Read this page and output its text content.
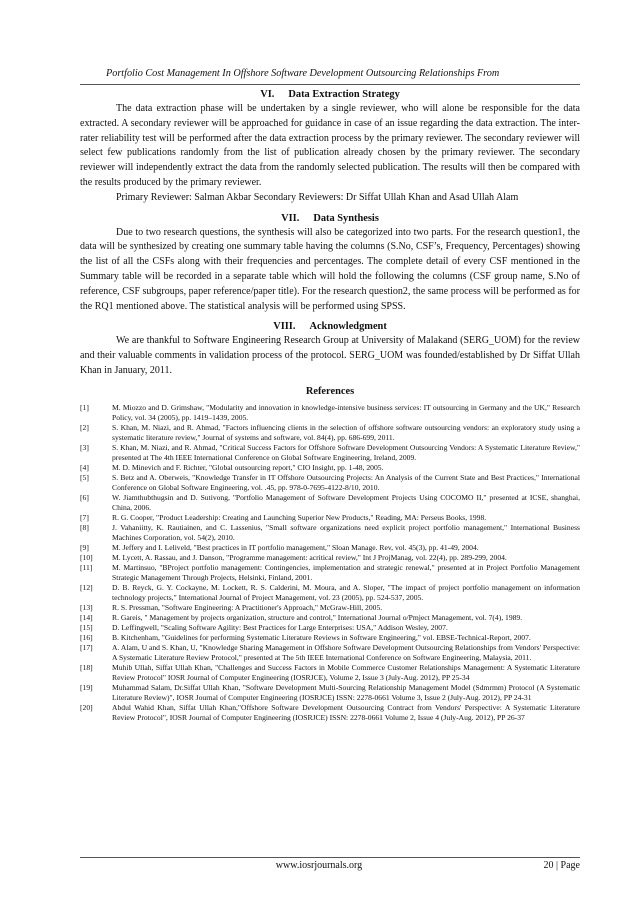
Portfolio Cost Management In Offshore Software Development Outsourcing Relationships From
VI. Data Extraction Strategy

The data extraction phase will be undertaken by a single reviewer, who will alone be responsible for the data extracted. A secondary reviewer will be approached for guidance in case of an issue regarding the data extraction. The inter-rater reliability test will be performed after the data extraction process by the primary reviewer. The secondary reviewer will select few publications randomly from the list of publication already chosen by the primary reviewer. The secondary reviewer will independently extract the data from the randomly selected publication. The results will then be compared with the results produced by the primary reviewer.

Primary Reviewer: Salman Akbar Secondary Reviewers: Dr Siffat Ullah Khan and Asad Ullah Alam

VII. Data Synthesis

Due to two research questions, the synthesis will also be categorized into two parts. For the research question1, the data will be synthesized by creating one summary table having the columns (S.No, CSF’s, Frequency, Percentages) showing the list of all the CSFs along with their frequencies and percentages. The complete detail of every CSF mentioned in the Summary table will be recorded in a separate table which will hold the following the columns (CSF group name, S.No of reference, CSF subgroups, paper reference/paper title). For the research question2, the same process will be performed as for the RQ1 mentioned above. The statistical analysis will be performed using SPSS.

VIII. Acknowledgment

We are thankful to Software Engineering Research Group at University of Malakand (SERG_UOM) for the review and their valuable comments in validation process of the protocol. SERG_UOM was founded/established by Dr Siffat Ullah Khan in January, 2011.

References
[1]	M. Miozzo and D. Grimshaw, "Modularity and innovation in knowledge-intensive business services: IT outsourcing in Germany and the UK," Research Policy, vol. 34 (2005), pp. 1419–1439, 2005.
[2]	S. Khan, M. Niazi, and R. Ahmad, "Factors influencing clients in the selection of offshore software outsourcing vendors: an exploratory study using a systematic literature review," Journal of systems and software, vol. 84(4), pp. 686-699, 2011.
[3]	S. Khan, M. Niazi, and R. Ahmad, "Critical Success Factors for Offshore Software Development Outsourcing Vendors: A Systematic Literature Review," presented at The 4th IEEE International Conference on Global Software Engineering, Ireland, 2009.
[4]	M. D. Minevich and F. Richter, "Global outsourcing report," CIO Insight, pp. 1-48, 2005.
[5]	S. Betz and A. Oberweis, "Knowledge Transfer in IT Offshore Outsourcing Projects: An Analysis of the Current State and Best Practices," International Conference on Global Software Engineering, vol. .45, pp. 978-0-7695-4122-8/10, 2010.
[6]	W. Jiamthubthugsin and D. Sutivong, "Portfolio Management of Software Development Projects Using COCOMO II," presented at ICSE, shanghai, China, 2006.
[7]	R. G. Cooper, "Product Leadership: Creating and Launching Superior New Products," Reading, MA: Perseus Books, 1998.
[8]	J. Vahaniitty, K. Rautiainen, and C. Lassenius, "Small software organizations need explicit project portfolio management," International Business Machines Corporation, vol. 54(2), 2010.
[9]	M. Jeffery and I. Leliveld, "Best practices in IT portfolio management," Sloan Manage. Rev, vol. 45(3), pp. 41-49, 2004.
[10]	M. Lycett, A. Rassau, and J. Danson, "Programme management: acritical review," Int J ProjManag, vol. 22(4), pp. 289-299, 2004.
[11]	M. Martinsuo, "BProject portfolio management: Contingencies, implementation and strategic renewal," presented at in Project Portfolio Management Strategic Management Through Projects, Helsinki, Finland, 2001.
[12]	D. B. Reyck, G. Y. Cockayne, M. Lockett, R. S. Calderini, M. Moura, and A. Sloper, "The impact of project portfolio management on information technology projects," International Journal of Project Management, vol. 23 (2005), pp. 524-537, 2005.
[13]	R. S. Pressman, "Software Engineering: A Practitioner's Approach," McGraw-Hill, 2005.
[14]	R. Gareis, " Management by projects organization, structure and control," International Journal o/Pmject Management, vol. 7(4), 1989.
[15]	D. Leffingwell, "Scaling Software Agility: Best Practices for Large Enterprises: USA," Addison Wesley, 2007.
[16]	B. Kitchenham, "Guidelines for performing Systematic Literature Reviews in Software Engineering," vol. EBSE-Technical-Report, 2007.
[17]	A. Alam, U and S. Khan, U, "Knowledge Sharing Management in Offshore Software Development Outsourcing Relationships from Vendors' Perspective: A Systematic Literature Review Protocol," presented at The 5th IEEE International Conference on Software Engineering, Malaysia, 2011.
[18]	Muhib Ullah, Siffat Ullah Khan, "Challenges and Success Factors in Mobile Commerce Customer Relationships Management: A Systematic Literature Review Protocol" IOSR Journal of Computer Engineering (IOSRJCE), Volume 2, Issue 3 (July-Aug. 2012), PP 25-34
[19]	Muhammad Salam, Dr.Siffat Ullah Khan, "Software Development Multi-Sourcing Relationship Management Model (Sdmrmm) Protocol (A Systematic Literature Review)", IOSR Journal of Computer Engineering (IOSRJCE) ISSN: 2278-0661 Volume 3, Issue 2 (July-Aug. 2012), PP 24-31
[20]	Abdul Wahid Khan, Siffat Ullah Khan,"Offshore Software Development Outsourcing Contract from Vendors' Perspective: A Systematic Literature Review Protocol", IOSR Journal of Computer Engineering (IOSRJCE) ISSN: 2278-0661 Volume 2, Issue 4 (July-Aug. 2012), PP 26-37
www.iosrjournals.org	20 | Page
